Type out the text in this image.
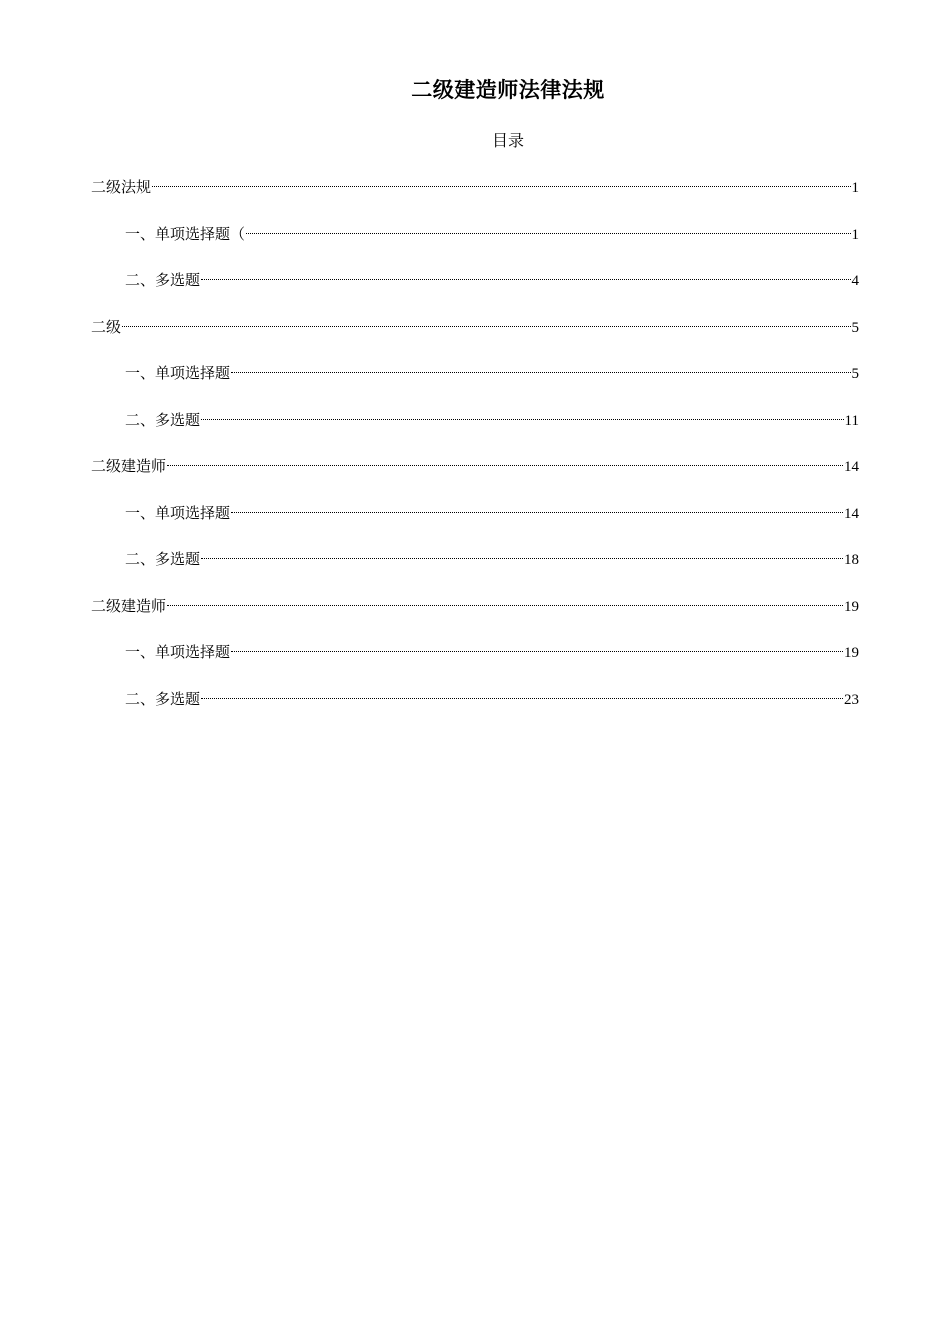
二级建造师法律法规
目录
二级法规	1
一、单项选择题（	1
二、多选题	4
二级	5
一、单项选择题	5
二、多选题	11
二级建造师	14
一、单项选择题	14
二、多选题	18
二级建造师	19
一、单项选择题	19
二、多选题	23
